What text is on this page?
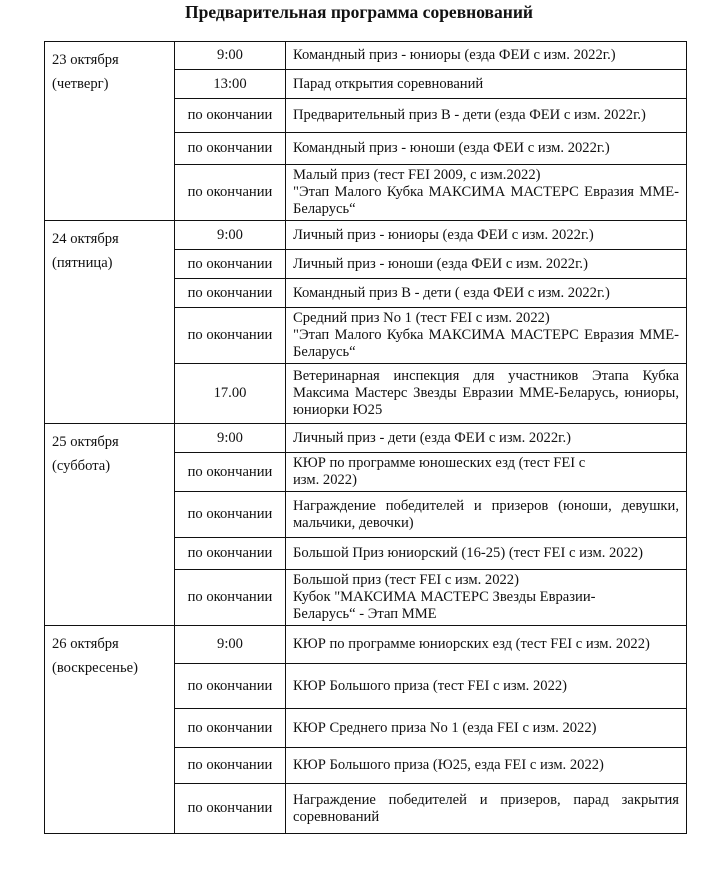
Предварительная программа соревнований
23 октября
(четверг)	9:00	Командный приз - юниоры (езда ФЕИ с изм. 2022г.)

	13:00	Парад открытия соревнований

	по окончании	Предварительный приз В - дети (езда ФЕИ с изм. 2022г.)

	по окончании	Командный приз - юноши (езда ФЕИ с изм. 2022г.)

	по окончании	Малый приз (тест FEI 2009, с изм.2022)
"Этап Малого Кубка МАКСИМА МАСТЕРС Евразия МME-Беларусь“

24 октября
(пятница)	9:00	Личный приз - юниоры (езда ФЕИ с изм. 2022г.)

	по окончании	Личный приз - юноши (езда ФЕИ с изм. 2022г.)

	по окончании	Командный приз В - дети ( езда ФЕИ с изм. 2022г.)

	по окончании	Средний приз No 1 (тест FEI с изм. 2022)
"Этап Малого Кубка МАКСИМА МАСТЕРС Евразия МME-Беларусь“

	17.00	Ветеринарная инспекция для участников Этапа Кубка Максима Мастерс Звезды Евразии MME-Беларусь, юниоры, юниорки Ю25

25 октября
(суббота)	9:00	Личный приз - дети (езда ФЕИ с изм. 2022г.)

	по окончании	КЮР по программе юношеских езд (тест FEI с
изм. 2022)

	по окончании	Награждение победителей и призеров (юноши, девушки, мальчики, девочки)

	по окончании	Большой Приз юниорский (16-25) (тест FEI с изм. 2022)

	по окончании	Большой приз (тест FEI с изм. 2022)
Кубок "МАКСИМА МАСТЕРС Звезды Евразии-
Беларусь“ - Этап MME

26 октября
(воскресенье)	9:00	КЮР по программе юниорских езд (тест FEI с изм. 2022)

	по окончании	КЮР Большого приза (тест FEI с изм. 2022)

	по окончании	КЮР Среднего приза No 1 (езда FEI с изм. 2022)

	по окончании	КЮР Большого приза (Ю25, езда FEI с изм. 2022)

	по окончании	Награждение победителей и призеров, парад закрытия соревнований
